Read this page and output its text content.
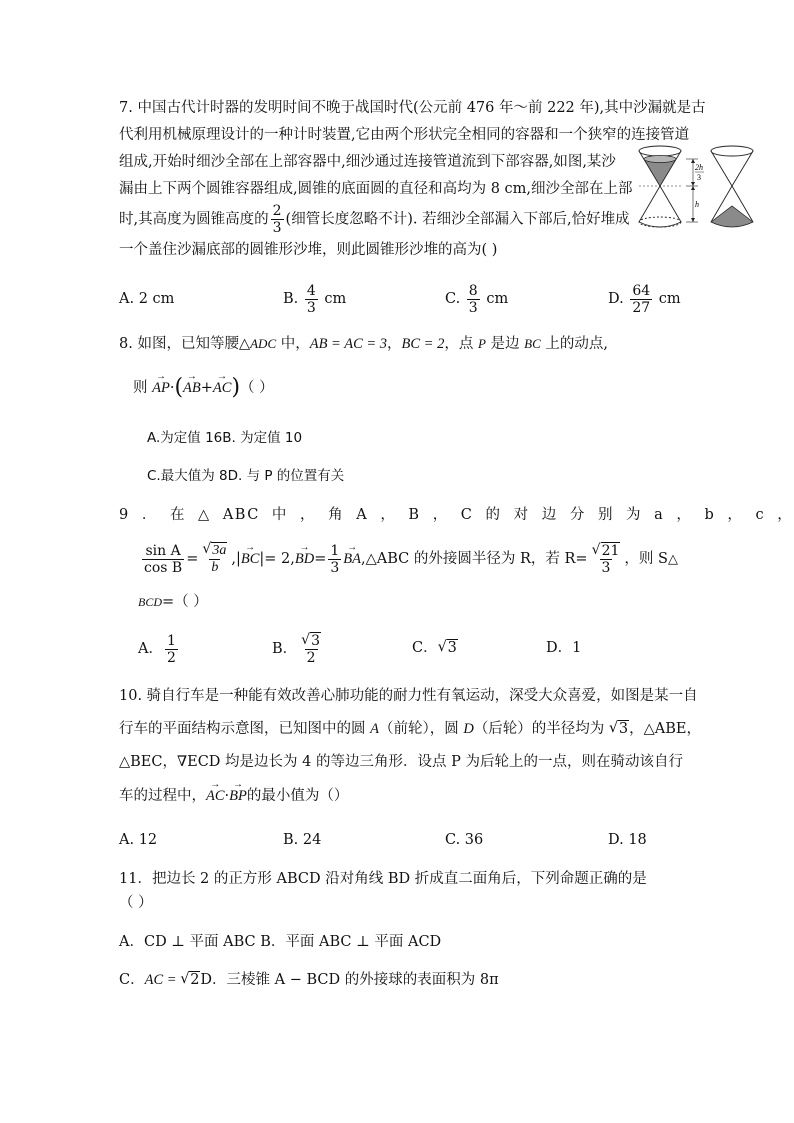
7. 中国古代计时器的发明时间不晚于战国时代(公元前 476 年～前 222 年),其中沙漏就是古
代利用机械原理设计的一种计时装置,它由两个形状完全相同的容器和一个狭窄的连接管道
组成,开始时细沙全部在上部容器中,细沙通过连接管道流到下部容器,如图,某沙
漏由上下两个圆锥容器组成,圆锥的底面圆的直径和高均为 8 cm,细沙全部在上部
时,其高度为圆锥高度的 $\frac{2}{3}$ (细管长度忽略不计). 若细沙全部漏入下部后,恰好堆成
一个盖住沙漏底部的圆锥形沙堆，则此圆锥形沙堆的高为( )
2h
3
h
A. 2 cm	B. $\frac{4}{3}$ cm	C. $\frac{8}{3}$ cm	D. $\frac{64}{27}$ cm
8. 如图，已知等腰△ADC 中，AB = AC = 3，BC = 2，点 P 是边 BC 上的动点,
则 → AP·(→ AB+→ AC)（ ）
A.为定值 16B. 为定值 10
C.最大值为 8D. 与 P 的位置有关
9 ． 在 △ ABC 中 ， 角 A ， B ， C 的 对 边 分 别 为 a ， b ， c ，
$\frac{\text{sin A}}{\text{cos B}}$ = √ $\frac{3a}{b}$ ,|→ $BC|= 2,\to BD= \frac{1}{3}$ → BA,△ABC 的外接圆半径为 R，若 R= √ $\frac{21}{3}$ ，则 S△
BCD=（ ）
A． $\frac{1}{2}$	B． √ $\frac{3}{2}$	C． √ 3	D．1
10. 骑自行车是一种能有效改善心肺功能的耐力性有氧运动，深受大众喜爱，如图是某一自
行车的平面结构示意图，已知图中的圆 A（前轮），圆 D（后轮）的半径均为 √ 3，△ABE，
△BEC，∇ECD 均是边长为 4 的等边三角形．设点 P 为后轮上的一点，则在骑动该自行
车的过程中，→ AC·→ BP的最小值为（）
A. 12	B. 24	C. 36	D. 18
11．把边长 2 的正方形 ABCD 沿对角线 BD 折成直二面角后，下列命题正确的是
（ ）
A．CD ⊥ 平面 ABC B．平面 ABC ⊥ 平面 ACD
C．AC = √ 2D．三棱锥 A − BCD 的外接球的表面积为 8π
